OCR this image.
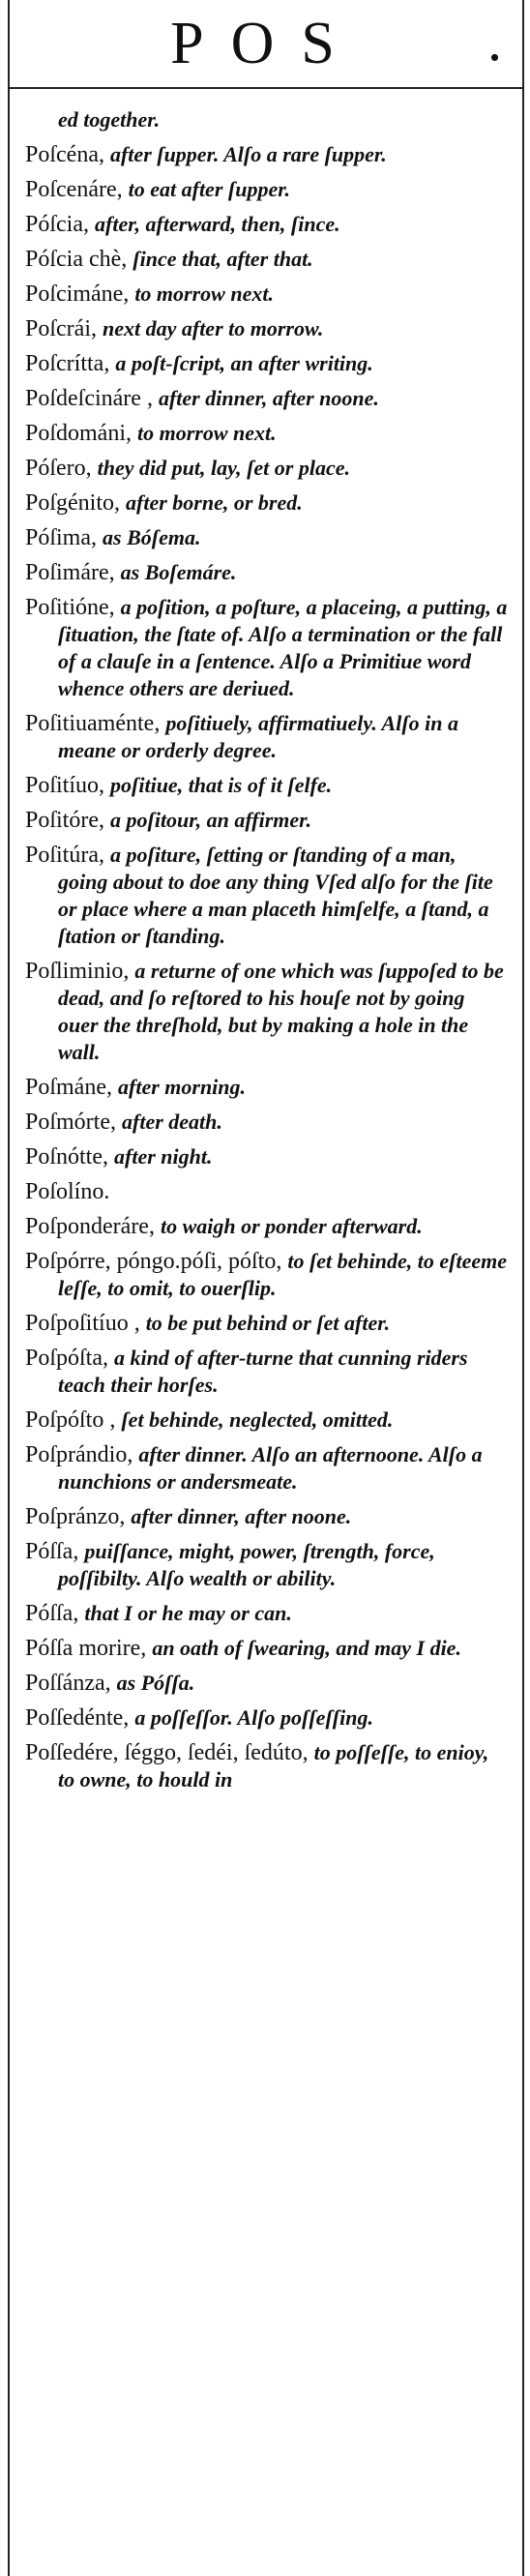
POS	.

ed together.

Poſcéna, after ſupper. Alſo a rare ſupper.

Poſcenáre, to eat after ſupper.

Póſcia, after, afterward, then, ſince.

Póſcia chè, ſince that, after that.

Poſcimáne, to morrow next.

Poſcrái, next day after to morrow.

Poſcrítta, a poſt-ſcript, an after writing.

Poſdeſcináre , after dinner, after noone.

Poſdománi, to morrow next.

Póſero, they did put, lay, ſet or place.

Poſgénito, after borne, or bred.

Póſima, as Bóſema.

Poſimáre, as Boſemáre.

Poſitióne, a poſition, a poſture, a placeing, a putting, a ſituation, the ſtate of. Alſo a termination or the fall of a clauſe in a ſentence. Alſo a Primitiue word whence others are deriued.

Poſitiuaménte, poſitiuely, affirmatiuely. Alſo in a meane or orderly degree.

Poſitíuo, poſitiue, that is of it ſelfe.

Poſitóre, a poſitour, an affirmer.

Poſitúra, a poſiture, ſetting or ſtanding of a man, going about to doe any thing Vſed alſo for the ſite or place where a man placeth himſelfe, a ſtand, a ſtation or ſtanding.

Poſliminio, a returne of one which was ſuppoſed to be dead, and ſo reſtored to his houſe not by going ouer the threſhold, but by making a hole in the wall.

Poſmáne, after morning.

Poſmórte, after death.

Poſnótte, after night.

Poſolíno.

Poſponderáre, to waigh or ponder afterward.

Poſpórre, póngo.póſi, póſto, to ſet behinde, to eſteeme leſſe, to omit, to ouerſlip.

Poſpoſitíuo , to be put behind or ſet after.

Poſpóſta, a kind of after-turne that cunning riders teach their horſes.

Poſpóſto , ſet behinde, neglected, omitted.

Poſprándio, after dinner. Alſo an afternoone. Alſo a nunchions or andersmeate.

Poſpránzo, after dinner, after noone.

Póſſa, puiſſance, might, power, ſtrength, force, poſſibilty. Alſo wealth or ability.

Póſſa, that I or he may or can.

Póſſa morire, an oath of ſwearing, and may I die.

Poſſánza, as Póſſa.

Poſſedénte, a poſſeſſor. Alſo poſſeſſing.

Poſſedére, ſéggo, ſedéi, ſedúto, to poſſeſſe, to enioy, to owne, to hould in
